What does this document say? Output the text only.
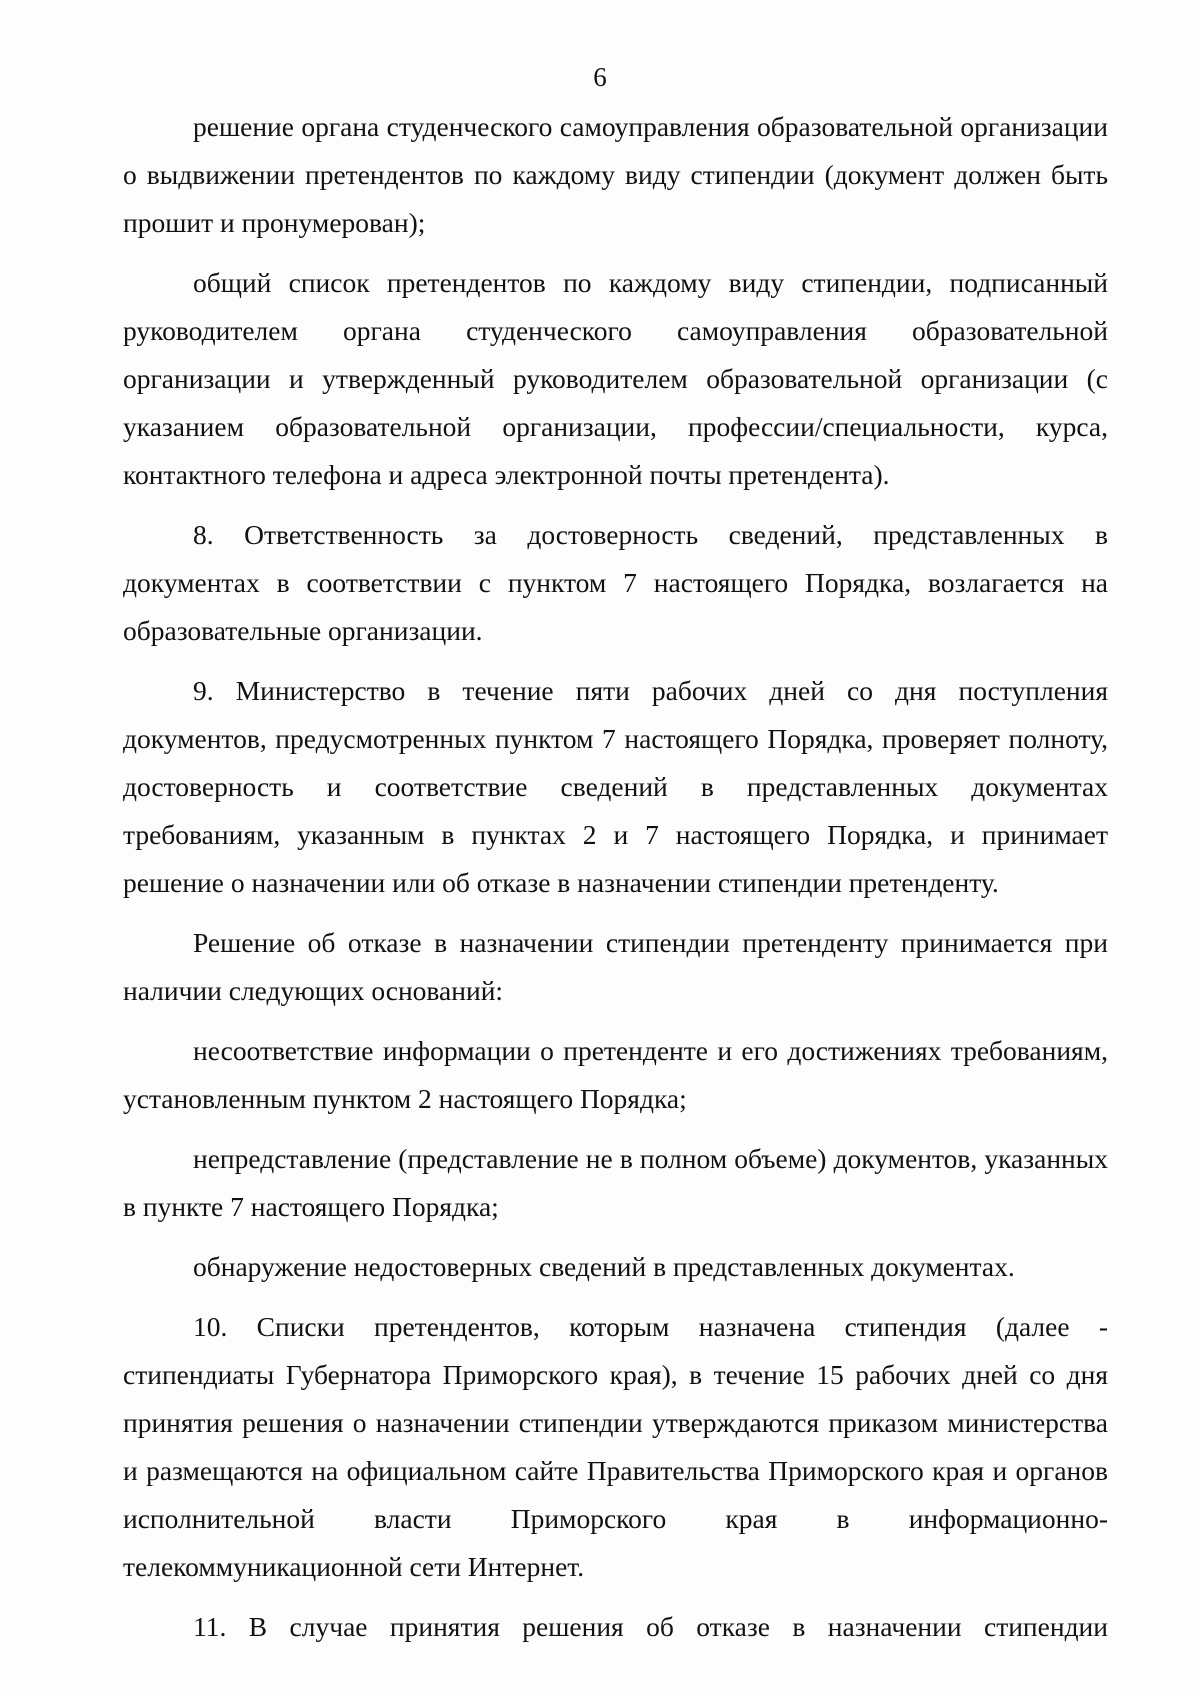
6

решение органа студенческого самоуправления образовательной организации о выдвижении претендентов по каждому виду стипендии (документ должен быть прошит и пронумерован);

общий список претендентов по каждому виду стипендии, подписанный руководителем органа студенческого самоуправления образовательной организации и утвержденный руководителем образовательной организации (с указанием образовательной организации, профессии/специальности, курса, контактного телефона и адреса электронной почты претендента).

8. Ответственность за достоверность сведений, представленных в документах в соответствии с пунктом 7 настоящего Порядка, возлагается на образовательные организации.

9. Министерство в течение пяти рабочих дней со дня поступления документов, предусмотренных пунктом 7 настоящего Порядка, проверяет полноту, достоверность и соответствие сведений в представленных документах требованиям, указанным в пунктах 2 и 7 настоящего Порядка, и принимает решение о назначении или об отказе в назначении стипендии претенденту.

Решение об отказе в назначении стипендии претенденту принимается при наличии следующих оснований:

несоответствие информации о претенденте и его достижениях требованиям, установленным пунктом 2 настоящего Порядка;

непредставление (представление не в полном объеме) документов, указанных в пункте 7 настоящего Порядка;

обнаружение недостоверных сведений в представленных документах.

10. Списки претендентов, которым назначена стипендия (далее - стипендиаты Губернатора Приморского края), в течение 15 рабочих дней со дня принятия решения о назначении стипендии утверждаются приказом министерства и размещаются на официальном сайте Правительства Приморского края и органов исполнительной власти Приморского края в информационно-телекоммуникационной сети Интернет.

11. В случае принятия решения об отказе в назначении стипендии
